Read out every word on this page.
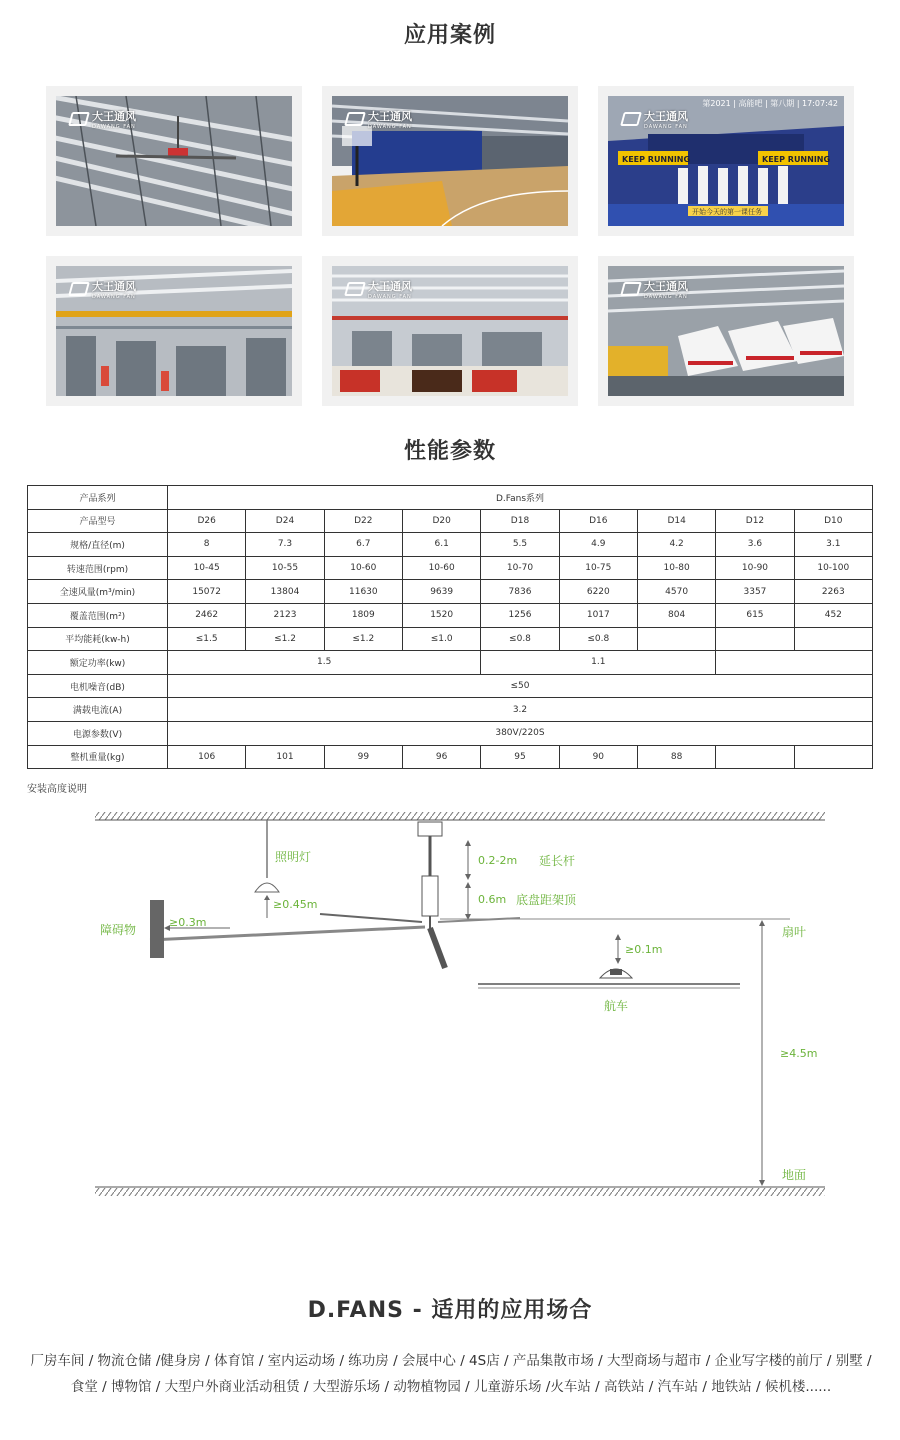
应用案例
大王通风
DAWANG FAN
大王通风
DAWANG FAN
KEEP RUNNING	KEEP RUNNING
开始今天的第一课任务
第2021 | 高能吧 | 第八期 | 17:07:42
大王通风
DAWANG FAN
大王通风
DAWANG FAN
大王通风
DAWANG FAN
大王通风
DAWANG FAN
性能参数
产品系列	D.Fans系列								
产品型号	D26	D24	D22	D20	D18	D16	D14	D12	D10
规格/直径(m)	8	7.3	6.7	6.1	5.5	4.9	4.2	3.6	3.1
转速范围(rpm)	10-45	10-55	10-60	10-60	10-70	10-75	10-80	10-90	10-100
全速风量(m³/min)	15072	13804	11630	9639	7836	6220	4570	3357	2263
覆盖范围(m²)	2462	2123	1809	1520	1256	1017	804	615	452
平均能耗(kw-h)	≤1.5	≤1.2	≤1.2	≤1.0	≤0.8	≤0.8			
额定功率(kw)	1.5				1.1				
电机噪音(dB)	≤50								
满载电流(A)	3.2								
电源参数(V)	380V/220S								
整机重量(kg)	106	101	99	96	95	90	88		
安装高度说明
照明灯
≥0.45m
0.2-2m 延长杆
0.6m 底盘距架顶
扇叶
障碍物
≥0.3m
≥0.1m
航车
≥4.5m
地面
D.FANS - 适用的应用场合
厂房车间 / 物流仓储 /健身房 / 体育馆 / 室内运动场 / 练功房 / 会展中心 / 4S店 / 产品集散市场 / 大型商场与超市 / 企业写字楼的前厅 / 别墅 / 食堂 / 博物馆 / 大型户外商业活动租赁 / 大型游乐场 / 动物植物园 / 儿童游乐场 /火车站 / 高铁站 / 汽车站 / 地铁站 / 候机楼......
